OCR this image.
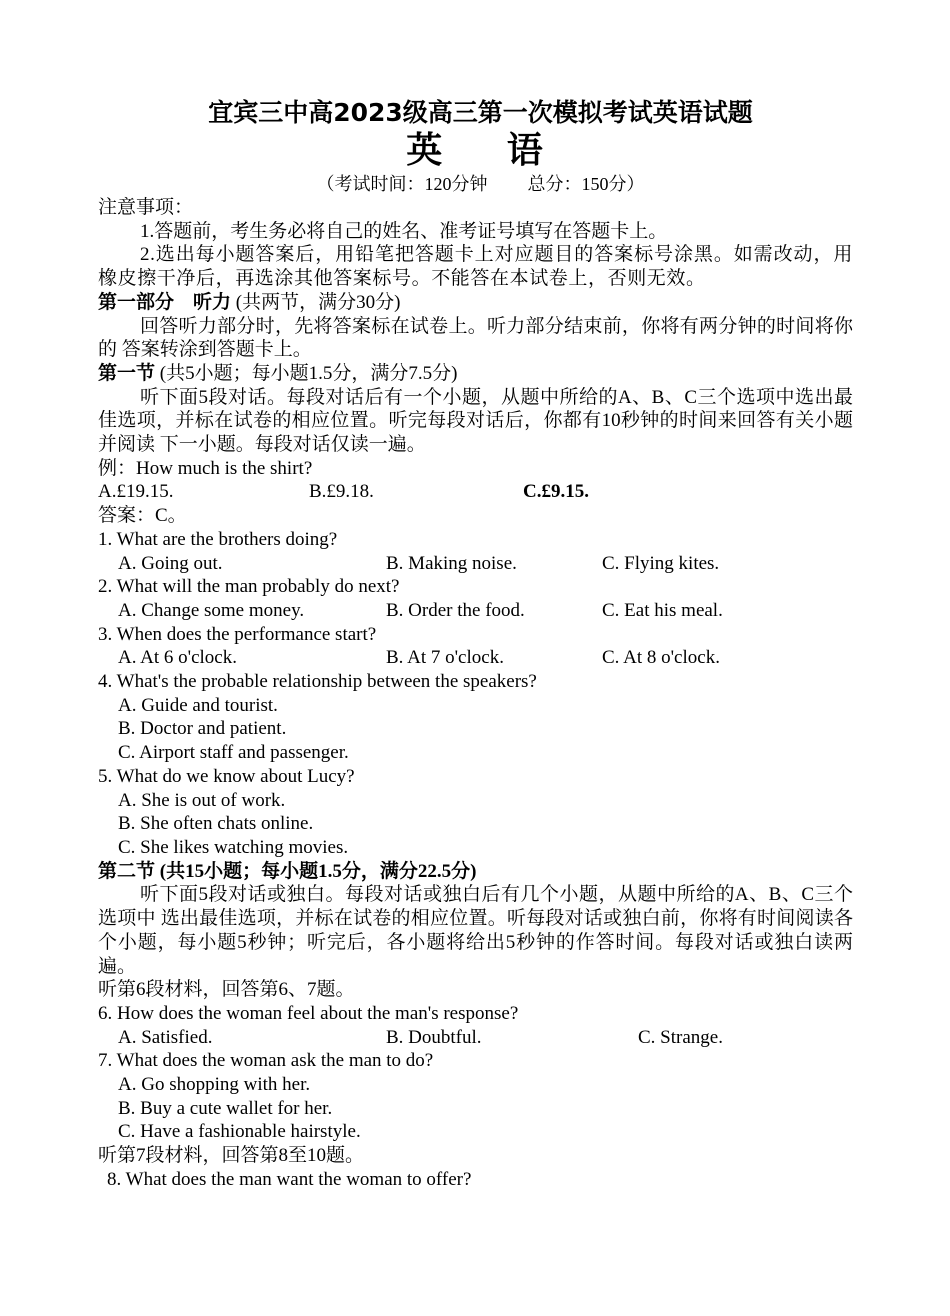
宜宾三中高2023级高三第一次模拟考试英语试题
英 语
（考试时间：120分钟 总分：150分）

注意事项：

1.答题前，考生务必将自己的姓名、准考证号填写在答题卡上。

2.选出每小题答案后，用铅笔把答题卡上对应题目的答案标号涂黑。如需改动，用橡皮擦干净后，再选涂其他答案标号。不能答在本试卷上，否则无效。

第一部分　听力 (共两节，满分30分)

回答听力部分时，先将答案标在试卷上。听力部分结束前，你将有两分钟的时间将你的 答案转涂到答题卡上。

第一节 (共5小题；每小题1.5分，满分7.5分)

听下面5段对话。每段对话后有一个小题，从题中所给的A、B、C三个选项中选出最佳选项，并标在试卷的相应位置。听完每段对话后，你都有10秒钟的时间来回答有关小题并阅读 下一小题。每段对话仅读一遍。

例：How much is the shirt?

A.£19.15.	B.£9.18.	C.£9.15.

答案：C。

1. What are the brothers doing?

A. Going out.	B. Making noise.	C. Flying kites.

2. What will the man probably do next?

A. Change some money.	B. Order the food.	C. Eat his meal.

3. When does the performance start?

A. At 6 o'clock.	B. At 7 o'clock.	C. At 8 o'clock.

4. What's the probable relationship between the speakers?

A. Guide and tourist.

B. Doctor and patient.

C. Airport staff and passenger.

5. What do we know about Lucy?

A. She is out of work.

B. She often chats online.

C. She likes watching movies.

第二节 (共15小题；每小题1.5分，满分22.5分)

听下面5段对话或独白。每段对话或独白后有几个小题，从题中所给的A、B、C三个选项中 选出最佳选项，并标在试卷的相应位置。听每段对话或独白前，你将有时间阅读各个小题，每小题5秒钟；听完后，各小题将给出5秒钟的作答时间。每段对话或独白读两遍。

听第6段材料，回答第6、7题。

6. How does the woman feel about the man's response?

A. Satisfied.	B. Doubtful.	C. Strange.

7. What does the woman ask the man to do?

A. Go shopping with her.

B. Buy a cute wallet for her.

C. Have a fashionable hairstyle.

听第7段材料，回答第8至10题。

8. What does the man want the woman to offer?
